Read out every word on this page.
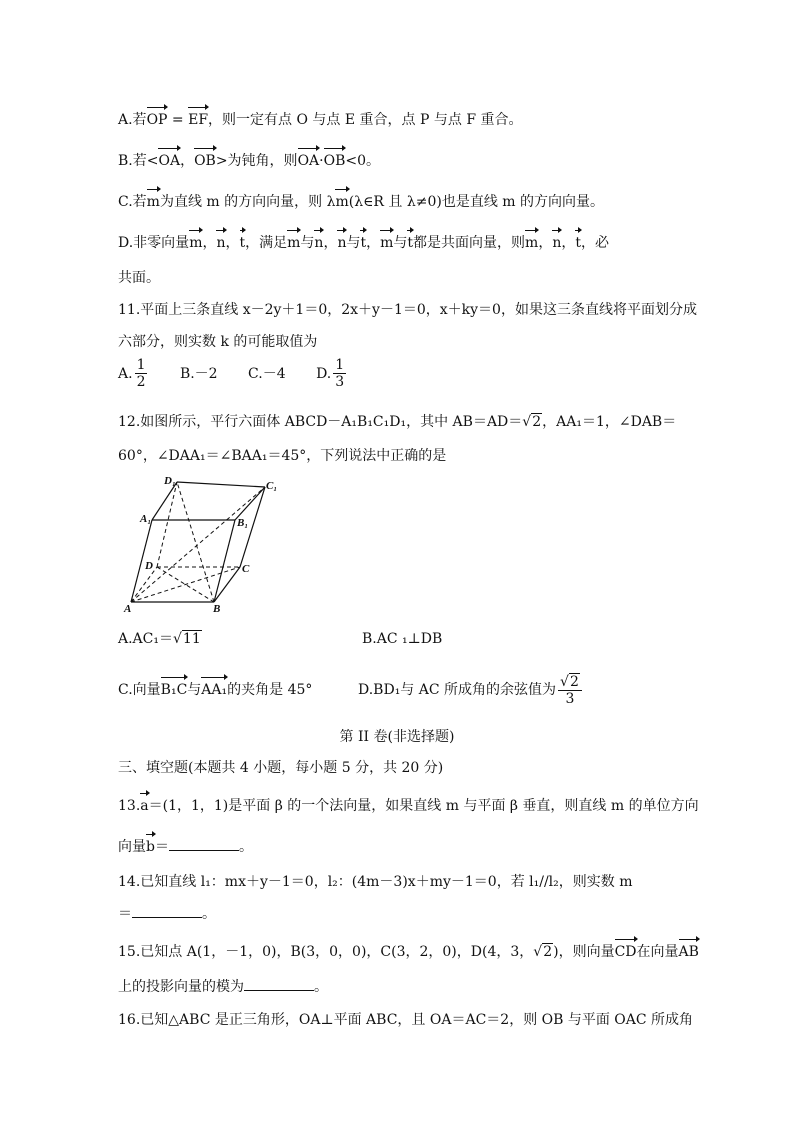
A.若OP = EF，则一定有点 O 与点 E 重合，点 P 与点 F 重合。
B.若<OA，OB>为钝角，则OA·OB<0。
C.若m为直线 m 的方向向量，则 λm(λ∈R 且 λ≠0)也是直线 m 的方向向量。
D.非零向量m，n，t，满足m与n，n与t，m与t都是共面向量，则m，n，t，必
共面。
11.平面上三条直线 x－2y＋1＝0，2x＋y－1＝0，x＋ky＝0，如果这三条直线将平面划分成
六部分，则实数 k 的可能取值为
A. $\frac{1}{2} B.-2$ C.－4 D. $\frac{1}{3}$
12.如图所示，平行六面体 ABCD－A₁B₁C₁D₁，其中 AB＝AD＝√2，AA₁＝1，∠DAB＝
60°，∠DAA₁＝∠BAA₁＝45°，下列说法中正确的是
A	B
C
D
A₁	B₁
C₁
D₁
A.AC₁＝√11	B.AC ₁⊥DB
C.向量B₁C与AA₁的夹角是 45°	D.BD₁与 AC 所成角的余弦值为 $\frac{√2}{3}$
第 II 卷(非选择题)
三、填空题(本题共 4 小题，每小题 5 分，共 20 分)
13.a＝(1，1，1)是平面 β 的一个法向量，如果直线 m 与平面 β 垂直，则直线 m 的单位方向
向量b＝	。
14.已知直线 l₁：mx＋y－1＝0，l₂：(4m－3)x＋my－1＝0，若 l₁//l₂，则实数 m
＝	。
15.已知点 A(1，－1，0)，B(3，0，0)，C(3，2，0)，D(4，3，√2)，则向量CD在向量AB
上的投影向量的模为	。
16.已知△ABC 是正三角形，OA⊥平面 ABC，且 OA＝AC＝2，则 OB 与平面 OAC 所成角
